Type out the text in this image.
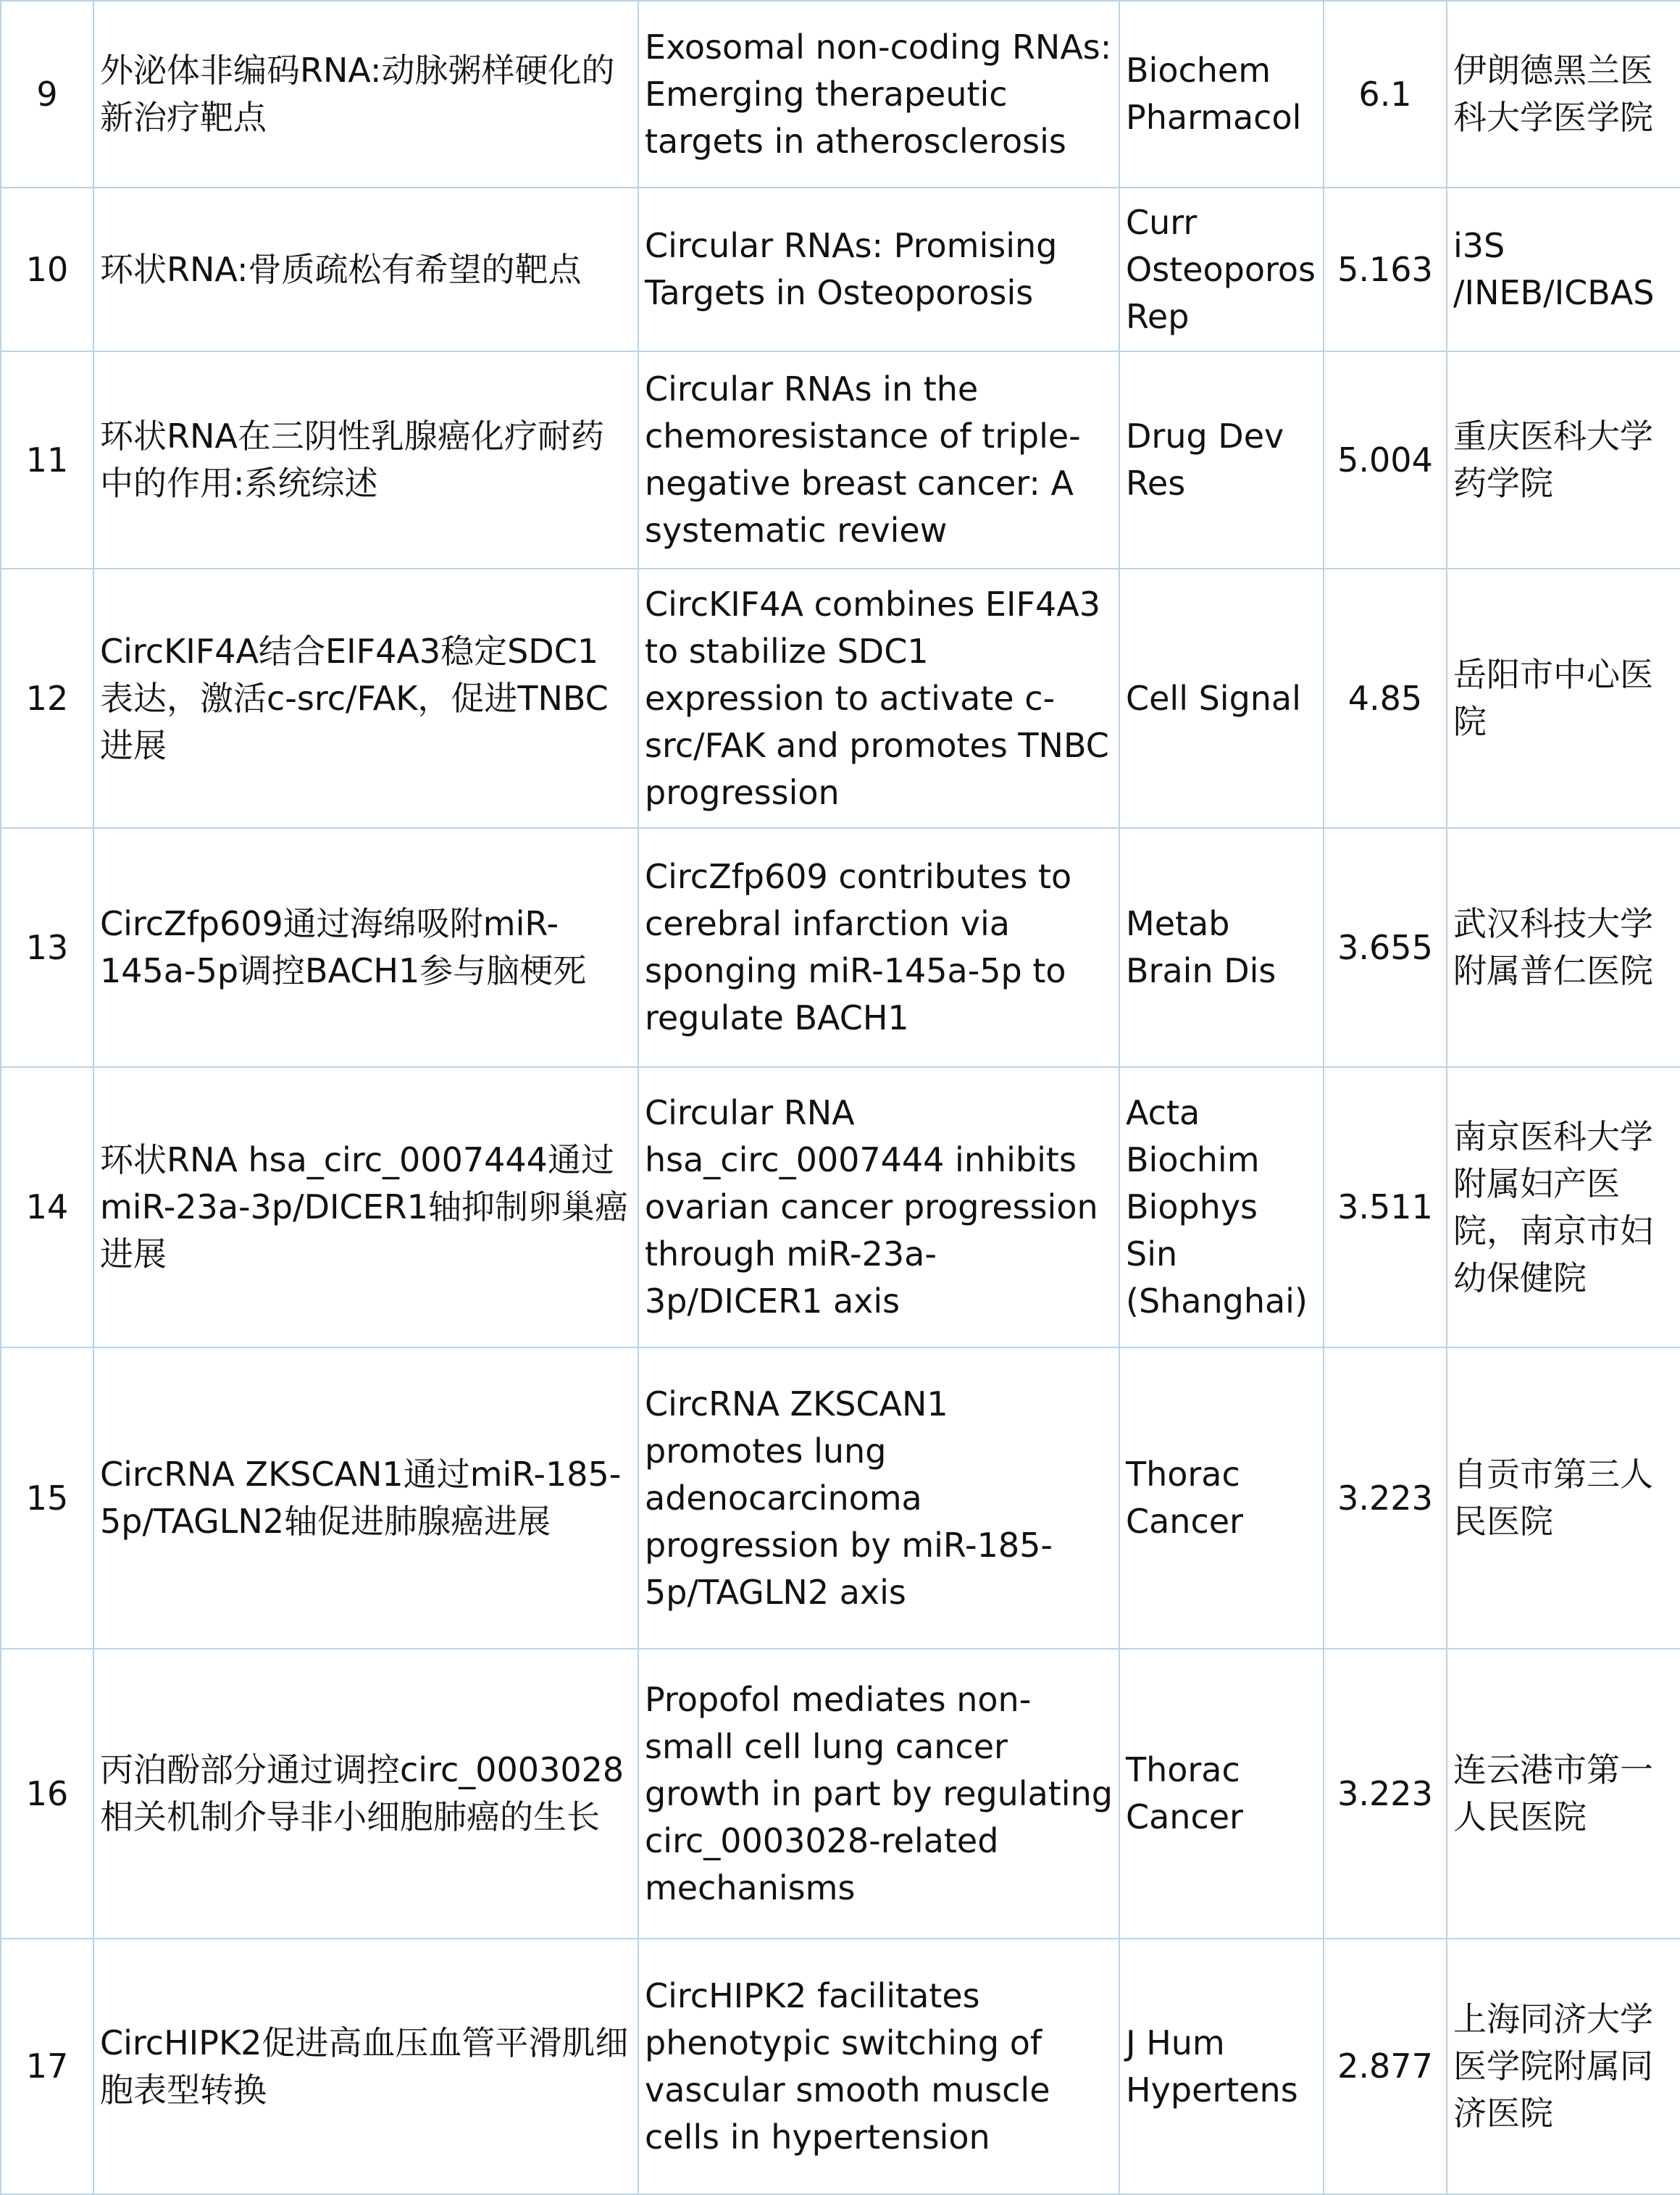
9	外泌体非编码RNA:动脉粥样硬化的新治疗靶点	Exosomal non-coding RNAs: Emerging therapeutic targets in atherosclerosis	Biochem Pharmacol	6.1	伊朗德黑兰医科大学医学院
10	环状RNA:骨质疏松有希望的靶点	Circular RNAs: Promising Targets in Osteoporosis	Curr Osteoporos Rep	5.163	i3S /INEB/ICBAS
11	环状RNA在三阴性乳腺癌化疗耐药中的作用:系统综述	Circular RNAs in the chemoresistance of triple-negative breast cancer: A systematic review	Drug Dev Res	5.004	重庆医科大学药学院
12	CircKIF4A结合EIF4A3稳定SDC1表达，激活c-src/FAK，促进TNBC进展	CircKIF4A combines EIF4A3 to stabilize SDC1 expression to activate c-src/FAK and promotes TNBC progression	Cell Signal	4.85	岳阳市中心医院
13	CircZfp609通过海绵吸附miR-145a-5p调控BACH1参与脑梗死	CircZfp609 contributes to cerebral infarction via sponging miR-145a-5p to regulate BACH1	Metab Brain Dis	3.655	武汉科技大学附属普仁医院
14	环状RNA hsa_circ_0007444通过miR-23a-3p/DICER1轴抑制卵巢癌进展	Circular RNA hsa_circ_0007444 inhibits ovarian cancer progression through miR-23a-3p/DICER1 axis	Acta Biochim Biophys Sin (Shanghai)	3.511	南京医科大学附属妇产医院，南京市妇幼保健院
15	CircRNA ZKSCAN1通过miR-185-5p/TAGLN2轴促进肺腺癌进展	CircRNA ZKSCAN1 promotes lung adenocarcinoma progression by miR-185-5p/TAGLN2 axis	Thorac Cancer	3.223	自贡市第三人民医院
16	丙泊酚部分通过调控circ_0003028相关机制介导非小细胞肺癌的生长	Propofol mediates non-small cell lung cancer growth in part by regulating circ_0003028-related mechanisms	Thorac Cancer	3.223	连云港市第一人民医院
17	CircHIPK2促进高血压血管平滑肌细胞表型转换	CircHIPK2 facilitates phenotypic switching of vascular smooth muscle cells in hypertension	J Hum Hypertens	2.877	上海同济大学医学院附属同济医院
